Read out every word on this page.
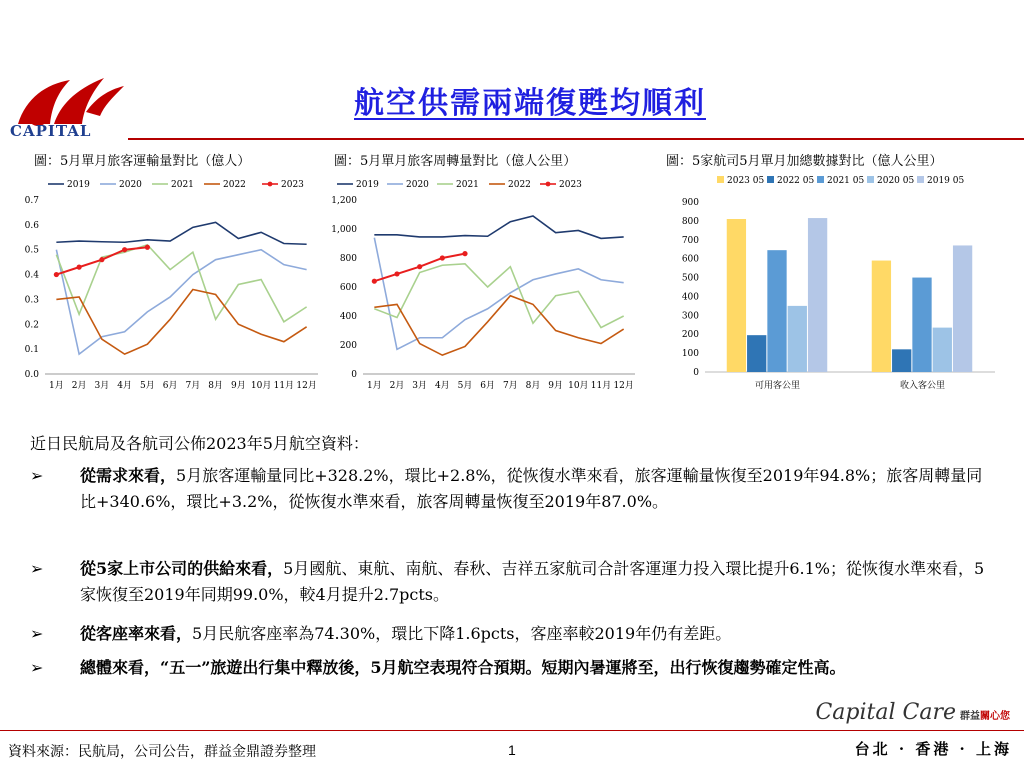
CAPITAL
航空供需兩端復甦均順利
圖：5月單月旅客運輸量對比（億人）	圖：5月單月旅客周轉量對比（億人公里）	圖：5家航司5月單月加總數據對比（億人公里）
0.0
0.1
0.2
0.3
0.4
0.5
0.6
0.7
1月 2月 3月 4月 5月 6月 7月 8月 9月 10月 11月 12月
2019	2020	2021	2022	2023
0
200
400
600
800
1,000
1,200
1月 2月 3月 4月 5月 6月 7月 8月 9月 10月 11月 12月
2019	2020	2021	2022	2023
0
100
200
300
400
500
600
700
800
900
可用客公里	收入客公里
2023 05 2022 05 2021 05 2020 05 2019 05
近日民航局及各航司公佈2023年5月航空資料：
➢ 從需求來看，5月旅客運輸量同比+328.2%，環比+2.8%，從恢復水準來看，旅客運輸量恢復至2019年94.8%；旅客周轉量同比+340.6%，環比+3.2%，從恢復水準來看，旅客周轉量恢復至2019年87.0%。
➢ 從5家上市公司的供給來看，5月國航、東航、南航、春秋、吉祥五家航司合計客運運力投入環比提升6.1%；從恢復水準來看，5家恢復至2019年同期99.0%，較4月提升2.7pcts。
➢ 從客座率來看，5月民航客座率為74.30%，環比下降1.6pcts，客座率較2019年仍有差距。
➢ 總體來看，“五一”旅遊出行集中釋放後，5月航空表現符合預期。短期內暑運將至，出行恢復趨勢確定性高。
Capital Care 群益關心您
資料來源：民航局，公司公告，群益金鼎證券整理	1	台北 · 香港 · 上海
